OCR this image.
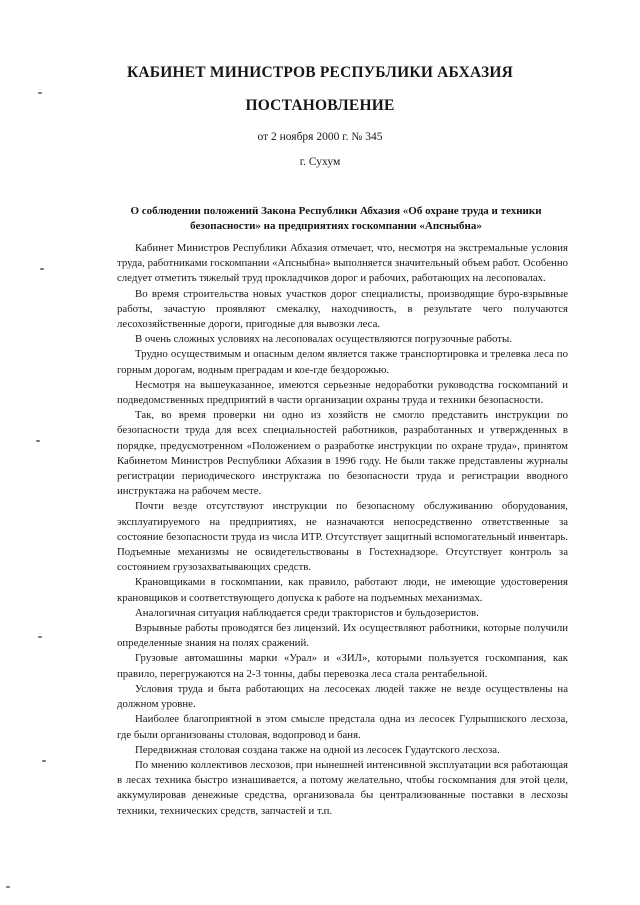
КАБИНЕТ МИНИСТРОВ РЕСПУБЛИКИ АБХАЗИЯ
ПОСТАНОВЛЕНИЕ
от 2 ноября 2000 г. № 345
г. Сухум
О соблюдении положений Закона Республики Абхазия «Об охране труда и техники безопасности» на предприятиях госкомпании «Апсныбна»

Кабинет Министров Республики Абхазия отмечает, что, несмотря на экстремальные условия труда, работниками госкомпании «Апсныбна» выполняется значительный объем работ. Особенно следует отметить тяжелый труд прокладчиков дорог и рабочих, работающих на лесоповалах.

Во время строительства новых участков дорог специалисты, производящие буро-взрывные работы, зачастую проявляют смекалку, находчивость, в результате чего получаются лесохозяйственные дороги, пригодные для вывозки леса.

В очень сложных условиях на лесоповалах осуществляются погрузочные работы.

Трудно осуществимым и опасным делом является также транспортировка и трелевка леса по горным дорогам, водным преградам и кое-где бездорожью.

Несмотря на вышеуказанное, имеются серьезные недоработки руководства госкомпаний и подведомственных предприятий в части организации охраны труда и техники безопасности.

Так, во время проверки ни одно из хозяйств не смогло представить инструкции по безопасности труда для всех специальностей работников, разработанных и утвержденных в порядке, предусмотренном «Положением о разработке инструкции по охране труда», принятом Кабинетом Министров Республики Абхазия в 1996 году. Не были также представлены журналы регистрации периодического инструктажа по безопасности труда и регистрации вводного инструктажа на рабочем месте.

Почти везде отсутствуют инструкции по безопасному обслуживанию оборудования, эксплуатируемого на предприятиях, не назначаются непосредственно ответственные за состояние безопасности труда из числа ИТР. Отсутствует защитный вспомогательный инвентарь. Подъемные механизмы не освидетельствованы в Гостехнадзоре. Отсутствует контроль за состоянием грузозахватывающих средств.

Крановщиками в госкомпании, как правило, работают люди, не имеющие удостоверения крановщиков и соответствующего допуска к работе на подъемных механизмах.

Аналогичная ситуация наблюдается среди трактористов и бульдозеристов.

Взрывные работы проводятся без лицензий. Их осуществляют работники, которые получили определенные знания на полях сражений.

Грузовые автомашины марки «Урал» и «ЗИЛ», которыми пользуется госкомпания, как правило, перегружаются на 2-3 тонны, дабы перевозка леса стала рентабельной.

Условия труда и быта работающих на лесосеках людей также не везде осуществлены на должном уровне.

Наиболее благоприятной в этом смысле предстала одна из лесосек Гулрыпшского лесхоза, где были организованы столовая, водопровод и баня.

Передвижная столовая создана также на одной из лесосек Гудаутского лесхоза.

По мнению коллективов лесхозов, при нынешней интенсивной эксплуатации вся работающая в лесах техника быстро изнашивается, а потому желательно, чтобы госкомпания для этой цели, аккумулировав денежные средства, организовала бы централизованные поставки в лесхозы техники, технических средств, запчастей и т.п.
